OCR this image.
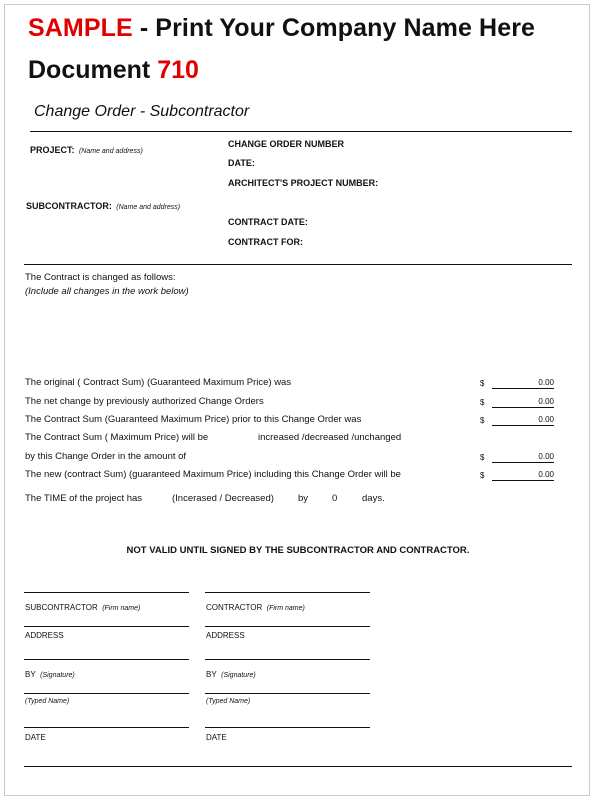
SAMPLE - Print Your Company Name Here
Document 710
Change Order - Subcontractor
PROJECT: (Name and address)
CHANGE ORDER NUMBER
DATE:
ARCHITECT'S PROJECT NUMBER:
SUBCONTRACTOR: (Name and address)
CONTRACT DATE:
CONTRACT FOR:
The Contract is changed as follows:
(Include all changes in the work below)
The original ( Contract Sum) (Guaranteed Maximum Price) was	$	0.00
The net change by previously authorized Change Orders	$	0.00
The Contract Sum (Guaranteed Maximum Price) prior to this Change Order was	$	0.00
The Contract Sum ( Maximum Price) will be	increased /decreased /unchanged
by this Change Order in the amount of	$	0.00
The new (contract Sum) (guaranteed Maximum Price) including this Change Order will be	$	0.00
The TIME of the project has	(Incerased / Decreased)	by	0	days.
NOT VALID UNTIL SIGNED BY THE SUBCONTRACTOR AND CONTRACTOR.
SUBCONTRACTOR (Firm name)
ADDRESS
BY (Signature)
(Typed Name)
DATE
CONTRACTOR (Firm name)
ADDRESS
BY (Signature)
(Typed Name)
DATE
